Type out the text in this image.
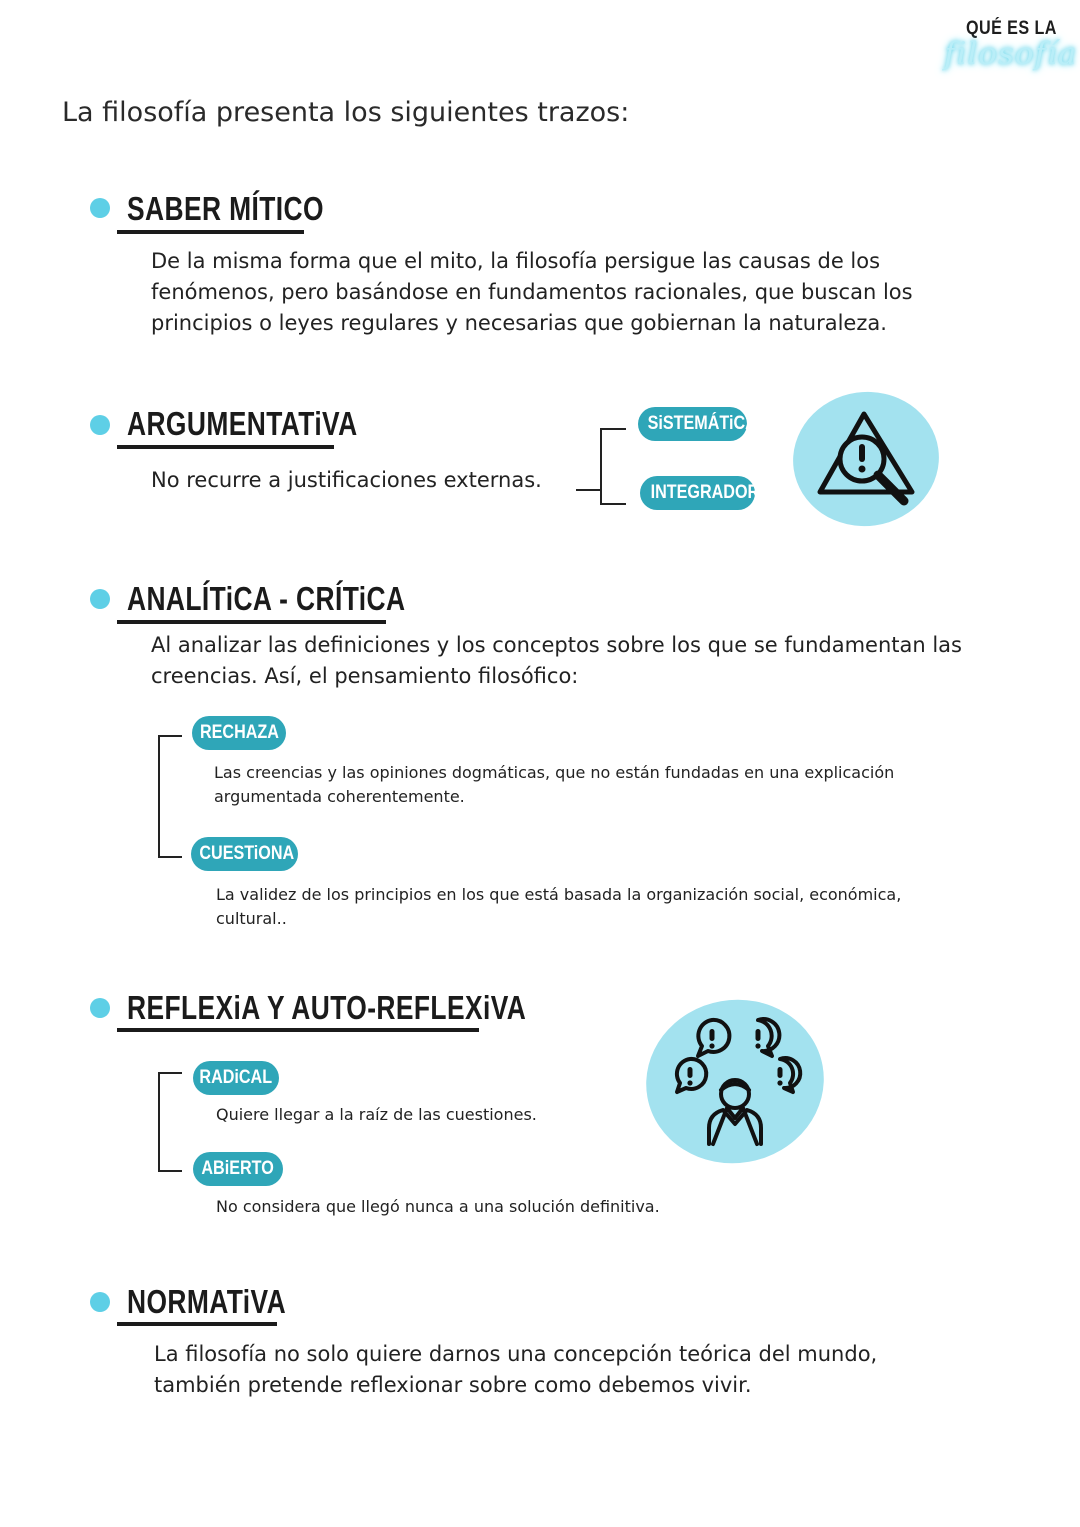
QUÉ ES LA
filosofía
La filosofía presenta los siguientes trazos:
SABER MÍTICO
De la misma forma que el mito, la filosofía persigue las causas de los fenómenos, pero basándose en fundamentos racionales, que buscan los principios o leyes regulares y necesarias que gobiernan la naturaleza.
ARGUMENTATiVA
No recurre a justificaciones externas.
SiSTEMÁTiCA
INTEGRADORA
ANALÍTiCA - CRÍTiCA
Al analizar las definiciones y los conceptos sobre los que se fundamentan las creencias. Así, el pensamiento filosófico:
RECHAZA
Las creencias y las opiniones dogmáticas, que no están fundadas en una explicación argumentada coherentemente.
CUESTiONA
La validez de los principios en los que está basada la organización social, económica, cultural..
REFLEXiA Y AUTO-REFLEXiVA
RADiCAL
Quiere llegar a la raíz de las cuestiones.
ABiERTO
No considera que llegó nunca a una solución definitiva.
NORMATiVA
La filosofía no solo quiere darnos una concepción teórica del mundo, también pretende reflexionar sobre como debemos vivir.
